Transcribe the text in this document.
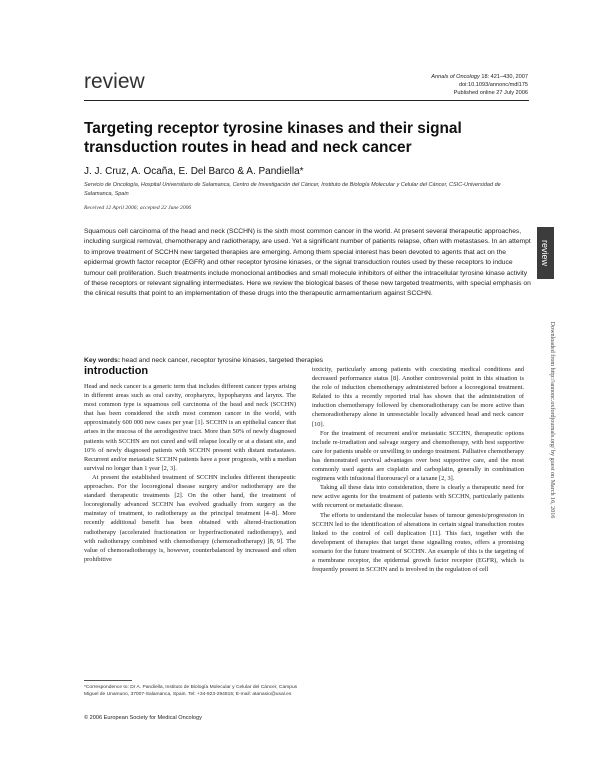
review	Annals of Oncology 18: 421–430, 2007
doi:10.1093/annonc/mdl175
Published online 27 July 2006
Targeting receptor tyrosine kinases and their signal transduction routes in head and neck cancer
J. J. Cruz, A. Ocaña, E. Del Barco & A. Pandiella*
Servicio de Oncología, Hospital Universitario de Salamanca, Centro de Investigación del Cáncer, Instituto de Biología Molecular y Celular del Cáncer, CSIC-Universidad de Salamanca, Spain
Received 12 April 2006; accepted 22 June 2006

Squamous cell carcinoma of the head and neck (SCCHN) is the sixth most common cancer in the world. At present several therapeutic approaches, including surgical removal, chemotherapy and radiotherapy, are used. Yet a significant number of patients relapse, often with metastases. In an attempt to improve treatment of SCCHN new targeted therapies are emerging. Among them special interest has been devoted to agents that act on the epidermal growth factor receptor (EGFR) and other receptor tyrosine kinases, or the signal transduction routes used by these receptors to induce tumour cell proliferation. Such treatments include monoclonal antibodies and small molecule inhibitors of either the intracellular tyrosine kinase activity of these receptors or relevant signalling intermediates. Here we review the biological bases of these new targeted treatments, with special emphasis on the clinical results that point to an implementation of these drugs into the therapeutic armamentarium against SCCHN.

Key words: head and neck cancer, receptor tyrosine kinases, targeted therapies
review
Downloaded from http://annonc.oxfordjournals.org/ by guest on March 16, 2016
introduction

Head and neck cancer is a generic term that includes different cancer types arising in different areas such as oral cavity, oropharynx, hypopharynx and larynx. The most common type is squamous cell carcinoma of the head and neck (SCCHN) that has been considered the sixth most common cancer in the world, with approximately 600 000 new cases per year [1]. SCCHN is an epithelial cancer that arises in the mucosa of the aerodigestive tract. More than 50% of newly diagnosed patients with SCCHN are not cured and will relapse locally or at a distant site, and 10% of newly diagnosed patients with SCCHN present with distant metastases. Recurrent and/or metastatic SCCHN patients have a poor prognosis, with a median survival no longer than 1 year [2, 3].

At present the established treatment of SCCHN includes different therapeutic approaches. For the locoregional disease surgery and/or radiotherapy are the standard therapeutic treatments [2]. On the other hand, the treatment of locoregionally advanced SCCHN has evolved gradually from surgery as the mainstay of treatment, to radiotherapy as the principal treatment [4–8]. More recently additional benefit has been obtained with altered-fractionation radiotherapy (accelerated fractionation or hyperfractionated radiotherapy), and with radiotherapy combined with chemotherapy (chemoradiotherapy) [8, 9]. The value of chemoradiotherapy is, however, counterbalanced by increased and often prohibitive

toxicity, particularly among patients with coexisting medical conditions and decreased performance status [8]. Another controversial point in this situation is the role of induction chemotherapy administered before a locoregional treatment. Related to this a recently reported trial has shown that the administration of induction chemotherapy followed by chemoradiotherapy can be more active than chemoradiotherapy alone in unresectable locally advanced head and neck cancer [10].

For the treatment of recurrent and/or metastatic SCCHN, therapeutic options include re-irradiation and salvage surgery and chemotherapy, with best supportive care for patients unable or unwilling to undergo treatment. Palliative chemotherapy has demonstrated survival advantages over best supportive care, and the most commonly used agents are cisplatin and carboplatin, generally in combination regimens with infusional fluorouracyl or a taxane [2, 3].

Taking all these data into consideration, there is clearly a therapeutic need for new active agents for the treatment of patients with SCCHN, particularly patients with recurrent or metastatic disease.

The efforts to understand the molecular bases of tumour genesis/progression in SCCHN led to the identification of alterations in certain signal transduction routes linked to the control of cell duplication [11]. This fact, together with the development of therapies that target these signalling routes, offers a promising scenario for the future treatment of SCCHN. An example of this is the targeting of a membrane receptor, the epidermal growth factor receptor (EGFR), which is frequently present in SCCHN and is involved in the regulation of cell

*Correspondence to: Dr A. Pandiella, Instituto de Biología Molecular y Celular del Cáncer, Campus Miguel de Unamuno, 37007-Salamanca, Spain. Tel: +34-923-294815; E-mail: atanasio@usal.es
© 2006 European Society for Medical Oncology
